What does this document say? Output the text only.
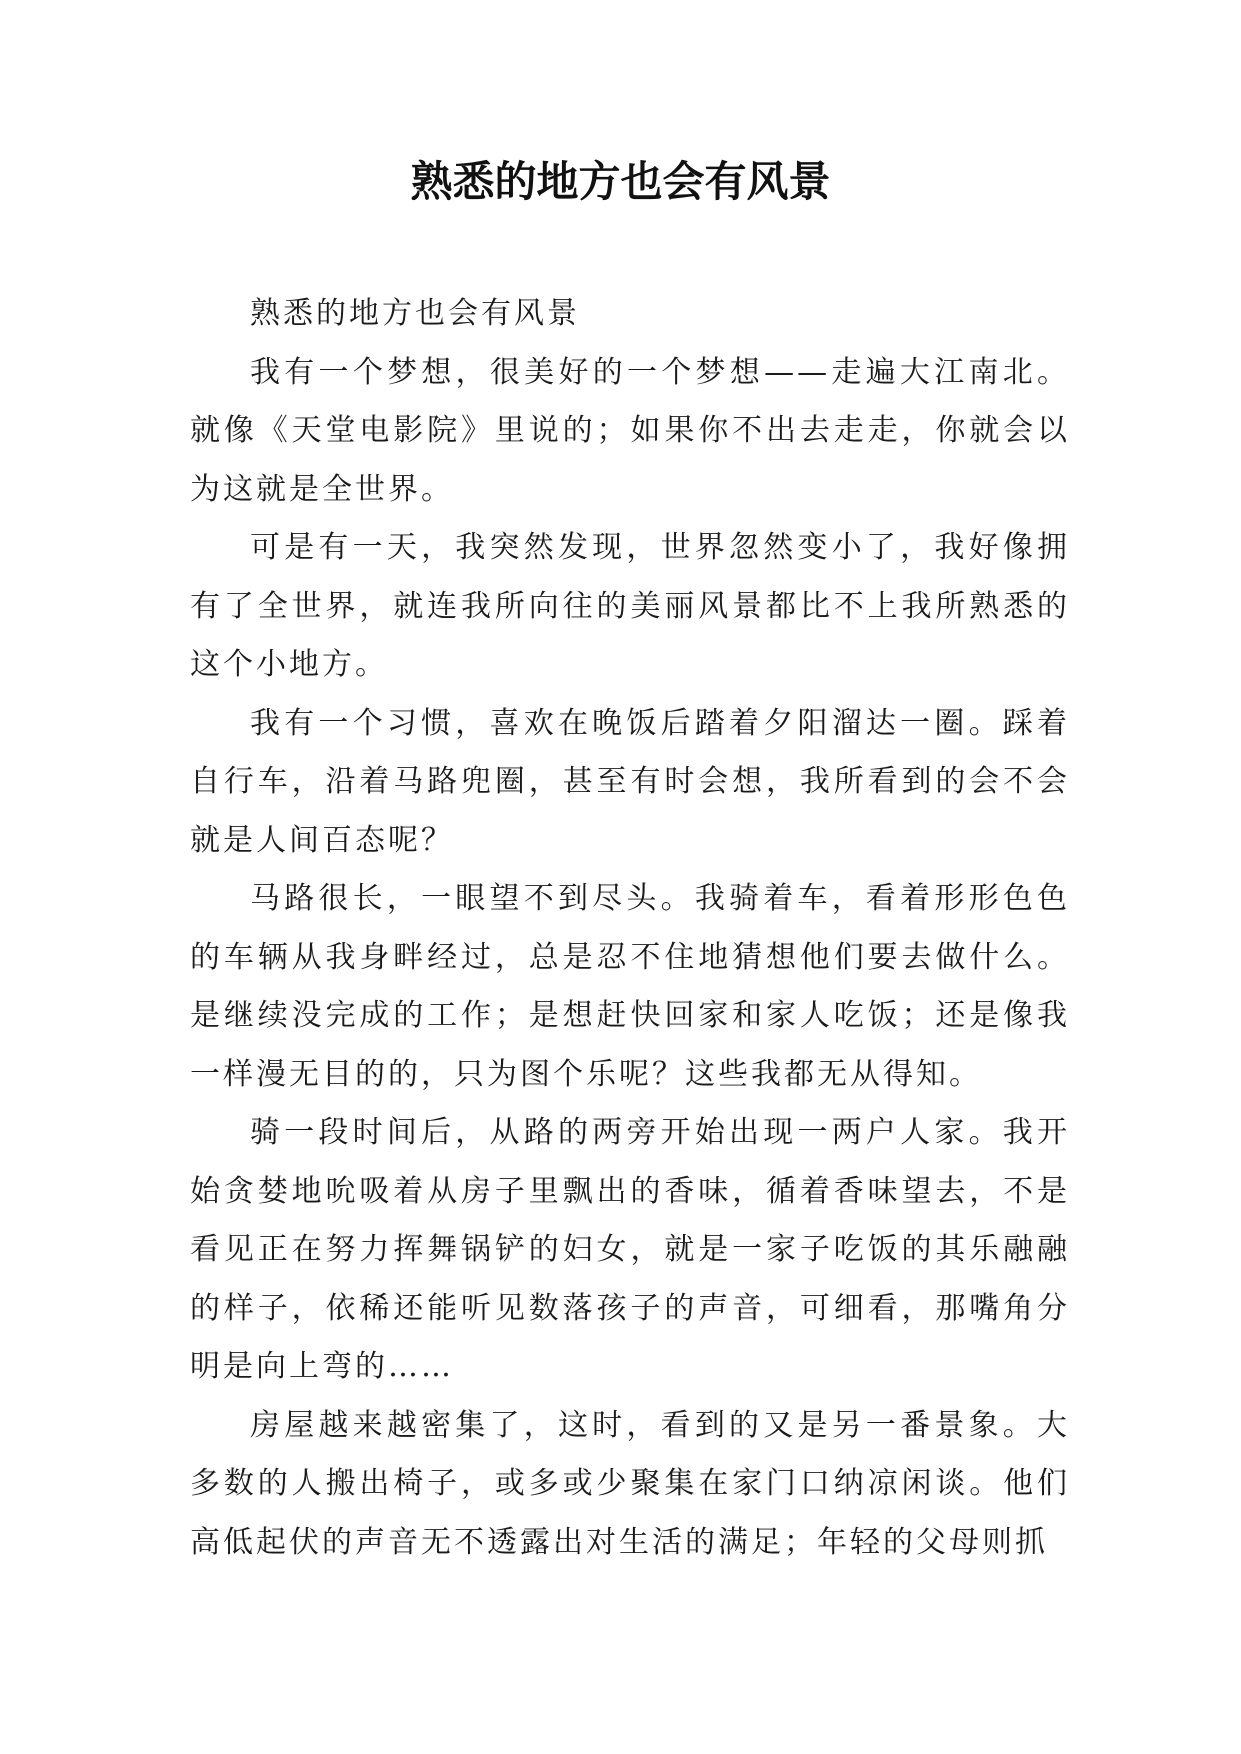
熟悉的地方也会有风景

熟悉的地方也会有风景

我有一个梦想，很美好的一个梦想——走遍大江南北。就像《天堂电影院》里说的；如果你不出去走走，你就会以为这就是全世界。

可是有一天，我突然发现，世界忽然变小了，我好像拥有了全世界，就连我所向往的美丽风景都比不上我所熟悉的这个小地方。

我有一个习惯，喜欢在晚饭后踏着夕阳溜达一圈。踩着自行车，沿着马路兜圈，甚至有时会想，我所看到的会不会就是人间百态呢？

马路很长，一眼望不到尽头。我骑着车，看着形形色色的车辆从我身畔经过，总是忍不住地猜想他们要去做什么。是继续没完成的工作；是想赶快回家和家人吃饭；还是像我一样漫无目的的，只为图个乐呢？这些我都无从得知。

骑一段时间后，从路的两旁开始出现一两户人家。我开始贪婪地吮吸着从房子里飘出的香味，循着香味望去，不是看见正在努力挥舞锅铲的妇女，就是一家子吃饭的其乐融融的样子，依稀还能听见数落孩子的声音，可细看，那嘴角分明是向上弯的……

房屋越来越密集了，这时，看到的又是另一番景象。大多数的人搬出椅子，或多或少聚集在家门口纳凉闲谈。他们高低起伏的声音无不透露出对生活的满足；年轻的父母则抓
